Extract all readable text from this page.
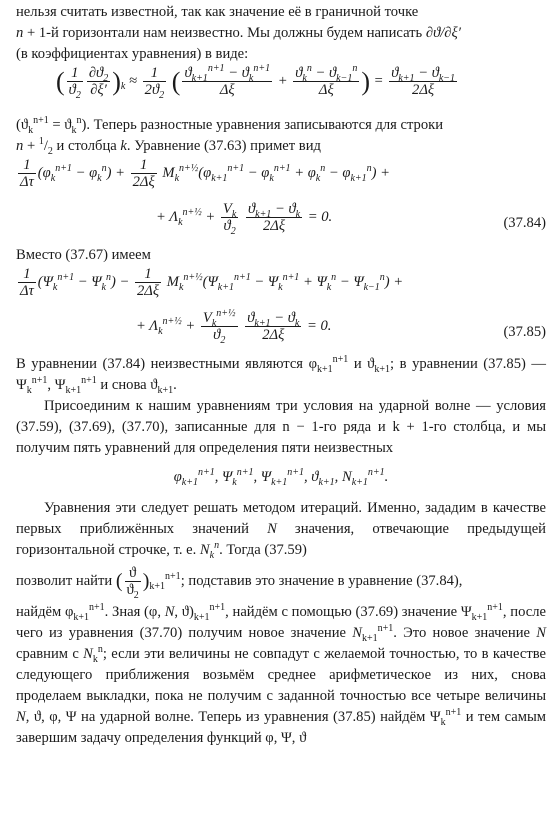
нельзя считать известной, так как значение её в граничной точке

n + 1-й горизонтали нам неизвестно. Мы должны будем написать ∂ϑ/∂ξ′

(в коэффициентах уравнения) в виде:

( $\frac{1}{ϑ_2} \frac{\partial ϑ_2}{\partial\xi'} )_k \approx \frac{1}{2ϑ_2}$ ( $\frac{ϑ_{k+1}^{n+1} - ϑ_k^{n+1}}{\Delta\xi} + \frac{ϑ_k^n - ϑ_{k-1}^n}{\Delta\xi}$ ) = $\frac{ϑ_{k+1} - ϑ_{k-1}}{2\Delta\xi}$

$(ϑ_k^{n+1} = ϑ_k^n)$. Теперь разностные уравнения записываются для строки

$n + ^1/_2$ и столбца k. Уравнение (37.63) примет вид

$\frac{1}{\Delta\tau} (\varphi_k^{n+1} - \varphi_k^n) + \frac{1}{2\Delta\xi} M_k^{n+\frac{1}{2}}(\varphi_{k+1}^{n+1} - \varphi_k^{n+1} + \varphi_k^n - \varphi_{k+1}^n)$ +
+ $\Lambda_k^{n+\frac{1}{2}} + \frac{V_k}{ϑ_2}$
$\frac{ϑ_{k+1} - ϑ_k}{2\Delta\xi} = 0$.	(37.84)

Вместо (37.67) имеем

$\frac{1}{\Delta\tau} (\Psi_k^{n+1} - \Psi_k^n) - \frac{1}{2\Delta\xi} M_k^{n+\frac{1}{2}}(\Psi_{k+1}^{n+1} - \Psi_k^{n+1} + \Psi_k^n - \Psi_{k-1}^n)$ +
+ $\Lambda_k^{n+\frac{1}{2}} + \frac{V_k^{n+\frac{1}{2}}}{ϑ_2}$
$\frac{ϑ_{k+1} - ϑ_k}{2\Delta\xi} = 0$.	(37.85)

В уравнении (37.84) неизвестными являются $\varphi_{k+1}^{n+1}$ и $ϑ_{k+1}$; в уравнении (37.85) — $\Psi_k^{n+1}$, $\Psi_{k+1}^{n+1}$ и снова $ϑ_{k+1}$.

Присоединим к нашим уравнениям три условия на ударной волне — условия (37.59), (37.69), (37.70), записанные для n − 1-го ряда и k + 1-го столбца, и мы получим пять уравнений для определения пяти неизвестных

$\varphi_{k+1}^{n+1}$, $\Psi_k^{n+1}$, $\Psi_{k+1}^{n+1}$, $ϑ_{k+1}$, $N_{k+1}^{n+1}$.

Уравнения эти следует решать методом итераций. Именно, зададим в качестве первых приближённых значений N значения, отвечающие предыдущей горизонтальной строчке, т. е. $N_k^n$. Тогда (37.59)

позволит найти ( $\frac{ϑ}{ϑ_2} )_{k+1}^{n+1}$; подставив это значение в уравнение (37.84),

найдём $\varphi_{k+1}^{n+1}$. Зная (φ, N, $ϑ)_{k+1}^{n+1}$, найдём с помощью (37.69) значение $\Psi_{k+1}^{n+1}$, после чего из уравнения (37.70) получим новое значение $N_{k+1}^{n+1}$. Это новое значение N сравним с $N_k^n$; если эти величины не совпадут с желаемой точностью, то в качестве следующего приближения возьмём среднее арифметическое из них, снова проделаем выкладки, пока не получим с заданной точностью все четыре величины N, ϑ, φ, Ψ на ударной волне. Теперь из уравнения (37.85) найдём $\Psi_k^{n+1}$ и тем самым завершим задачу определения функций φ, Ψ, ϑ
